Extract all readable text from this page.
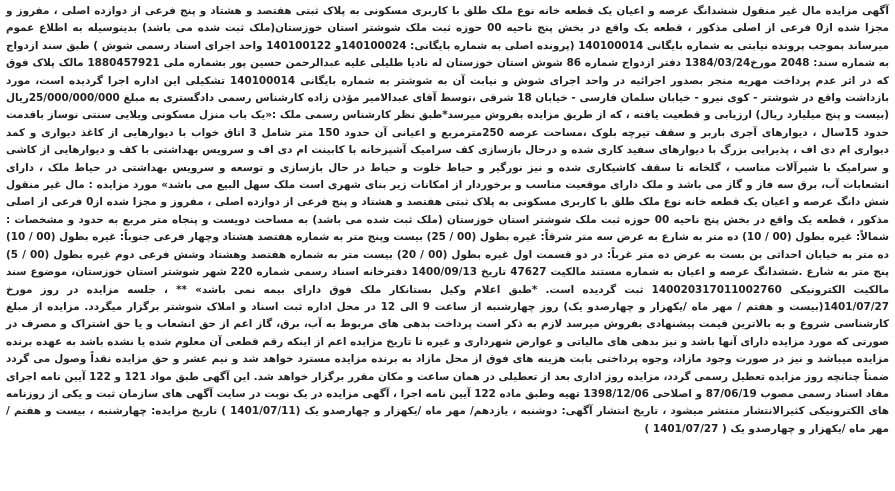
آگهی مزایده مال غیر منقول ششدانگ عرصه و اعیان یک قطعه خانه نوع ملک طلق با کاربری مسکونی به پلاک ثبتی هفتصد و هشتاد و پنج فرعی از دوازده اصلی ، مفروز و مجزا شده از0 فرعی از اصلی مذکور ، قطعه یک واقع در بخش پنج ناحیه 00 حوزه ثبت ملک شوشتر استان خوزستان(ملک ثبت شده می باشد) بدینوسیله به اطلاع عموم میرساند بموجب پرونده نیابتی به شماره بایگانی 140100014 (پرونده اصلی به شماره بایگانی: 140100024و 140100122 واحد اجرای اسناد رسمی شوش ) طبق سند ازدواج به شماره سند: 2048 مورخ1384/03/24 دفتر ازدواج شماره 86 شوش استان خوزستان له نادیا طلیلی علیه عبدالرحمن حسین پور بشماره ملی 1880457921 مالک پلاک فوق که در اثر عدم پرداخت مهریه منجر بصدور اجرائیه در واحد اجرای شوش و نیابت آن به شوشتر به شماره بایگانی 140100014 تشکیلی این اداره اجرا گردیده است، مورد بازداشت واقع در شوشتر - کوی نیرو - خیابان سلمان فارسی - خیابان 18 شرقی ،توسط آقای عبدالامیر مؤذن زاده کارشناس رسمی دادگستری به مبلغ 25/000/000/000ریال (بیست و پنج میلیارد ریال) ارزیابی و قطعیت یافته ، که از طریق مزایده بفروش میرسد*طبق نظر کارشناس رسمی ملک :«یک باب منزل مسکونی ویلایی سنتی نوساز باقدمت حدود 15سال ، دیوارهای آجری باربر و سقف تیرچه بلوک ،مساحت عرصه 250مترمربع و اعیانی آن حدود 150 متر شامل 3 اتاق خواب با دیوارهایی از کاغذ دیواری و کمد دیواری ام دی اف ، پذیرایی بزرگ با دیوارهای سفید کاری شده و درحال بازسازی کف سرامیک آشپزخانه با کابینت ام دی اف و سرویس بهداشتی با کف و دیوارهایی از کاشی و سرامیک با شیرآلات مناسب ، گلخانه تا سقف کاشیکاری شده و نیز نورگیر و حیاط خلوت و حیاط در حال بازسازی و توسعه و سرویس بهداشتی در حیاط ملک ، دارای انشعابات آب، برق سه فاز و گاز می باشد و ملک دارای موقعیت مناسب و برخوردار از امکانات زیر بنای شهری است ملک سهل البیع می باشد» مورد مزایده : مال غیر منقول شش دانگ عرصه و اعیان یک قطعه خانه نوع ملک طلق با کاربری مسکونی به پلاک ثبتی هفتصد و هشتاد و پنج فرعی از دوازده اصلی ، مفروز و مجزا شده از0 فرعی از اصلی مذکور ، قطعه یک واقع در بخش پنج ناحیه 00 حوزه ثبت ملک شوشتر استان خوزستان (ملک ثبت شده می باشد) به مساحت دویست و پنجاه متر مربع به حدود و مشخصات : شمالاً: غیره بطول (00 / 10) ده متر به شارع به عرض سه متر شرقاً: غیره بطول (00 / 25) بیست وپنج متر به شماره هفتصد هشتاد وچهار فرعی جنوباً: غیره بطول (00 / 10) ده متر به خیابان احداثی بن بست به عرض ده متر غرباً: در دو قسمت اول غیره بطول (00 / 20) بیست متر به شماره هفتصد وهشتاد وشش فرعی دوم غیره بطول (00 / 5) پنج متر به شارع .ششدانگ عرصه و اعیان به شماره مستند مالکیت 47627 تاریخ 1400/09/13 دفترخانه اسناد رسمی شماره 220 شهر شوشتر استان خوزستان، موضوع سند مالکیت الکترونیکی 140020317011002760 ثبت گردیده است. *طبق اعلام وکیل بستانکار ملک فوق دارای بیمه نمی باشد» ** ، جلسه مزایده در روز مورخ 1401/07/27(بیست و هفتم / مهر ماه /یکهزار و چهارصدو یک) روز چهارشنبه از ساعت 9 الی 12 در محل اداره ثبت اسناد و املاک شوشتر برگزار میگردد. مزایده از مبلغ کارشناسی شروع و به بالاترین قیمت پیشنهادی بفروش میرسد لازم به ذکر است پرداخت بدهی های مربوط به آب، برق، گاز اعم از حق انشعاب و یا حق اشتراک و مصرف در صورتی که مورد مزایده دارای آنها باشد و نیز بدهی های مالیاتی و عوارض شهرداری و غیره تا تاریخ مزایده اعم از اینکه رقم قطعی آن معلوم شده یا نشده باشد به عهده برنده مزایده میباشد و نیز در صورت وجود مازاد، وجوه پرداختی بابت هزینه های فوق از محل مازاد به برنده مزایده مسترد خواهد شد و نیم عشر و حق مزایده نقداً وصول می گردد ضمناً چنانچه روز مزایده تعطیل رسمی گردد، مزایده روز اداری بعد از تعطیلی در همان ساعت و مکان مقرر برگزار خواهد شد. این آگهی طبق مواد 121 و 122 آیین نامه اجرای مفاد اسناد رسمی مصوب 87/06/19 و اصلاحی 1398/12/06 تهیه وطبق ماده 122 آیین نامه اجرا ، آگهی مزایده در یک نوبت در سایت آگهی های سازمان ثبت و یکی از روزنامه های الکترونیکی کثیرالانتشار منتشر میشود ، تاریخ انتشار آگهی: دوشنبه ، یازدهم/ مهر ماه /یکهزار و چهارصدو یک (1401/07/11 ) تاریخ مزایده: چهارشنبه ، بیست و هفتم / مهر ماه /یکهزار و چهارصدو یک ( 1401/07/27 )
